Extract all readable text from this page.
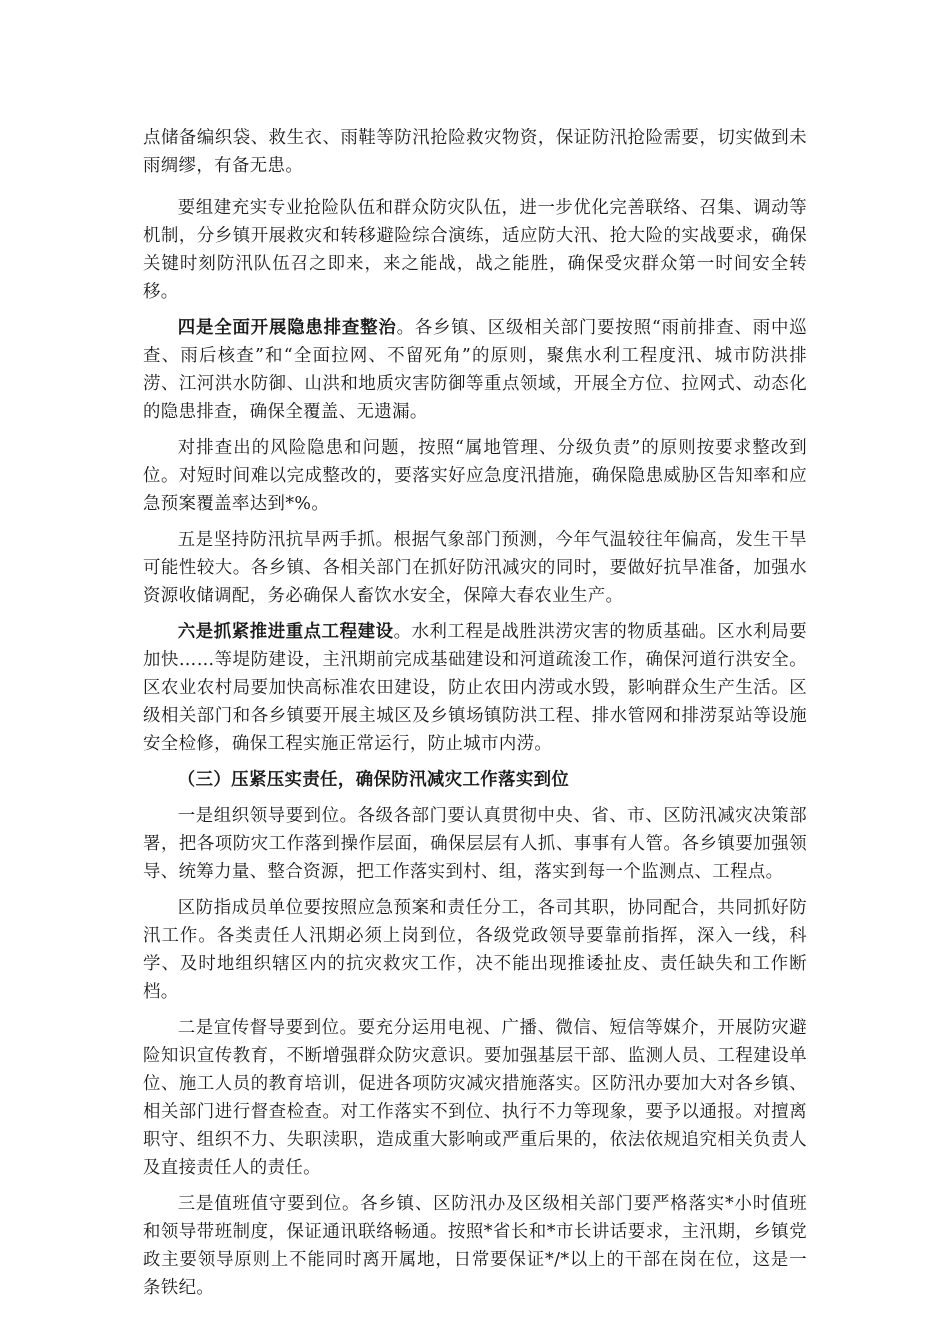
点储备编织袋、救生衣、雨鞋等防汛抢险救灾物资，保证防汛抢险需要，切实做到未雨绸缪，有备无患。

要组建充实专业抢险队伍和群众防灾队伍，进一步优化完善联络、召集、调动等机制，分乡镇开展救灾和转移避险综合演练，适应防大汛、抢大险的实战要求，确保关键时刻防汛队伍召之即来，来之能战，战之能胜，确保受灾群众第一时间安全转移。

四是全面开展隐患排查整治。各乡镇、区级相关部门要按照“雨前排查、雨中巡查、雨后核查”和“全面拉网、不留死角”的原则，聚焦水利工程度汛、城市防洪排涝、江河洪水防御、山洪和地质灾害防御等重点领域，开展全方位、拉网式、动态化的隐患排查，确保全覆盖、无遗漏。

对排查出的风险隐患和问题，按照“属地管理、分级负责”的原则按要求整改到位。对短时间难以完成整改的，要落实好应急度汛措施，确保隐患威胁区告知率和应急预案覆盖率达到*%。

五是坚持防汛抗旱两手抓。根据气象部门预测，今年气温较往年偏高，发生干旱可能性较大。各乡镇、各相关部门在抓好防汛减灾的同时，要做好抗旱准备，加强水资源收储调配，务必确保人畜饮水安全，保障大春农业生产。

六是抓紧推进重点工程建设。水利工程是战胜洪涝灾害的物质基础。区水利局要加快……等堤防建设，主汛期前完成基础建设和河道疏浚工作，确保河道行洪安全。区农业农村局要加快高标准农田建设，防止农田内涝或水毁，影响群众生产生活。区级相关部门和各乡镇要开展主城区及乡镇场镇防洪工程、排水管网和排涝泵站等设施安全检修，确保工程实施正常运行，防止城市内涝。

（三）压紧压实责任，确保防汛减灾工作落实到位

一是组织领导要到位。各级各部门要认真贯彻中央、省、市、区防汛减灾决策部署，把各项防灾工作落到操作层面，确保层层有人抓、事事有人管。各乡镇要加强领导、统筹力量、整合资源，把工作落实到村、组，落实到每一个监测点、工程点。

区防指成员单位要按照应急预案和责任分工，各司其职，协同配合，共同抓好防汛工作。各类责任人汛期必须上岗到位，各级党政领导要靠前指挥，深入一线，科学、及时地组织辖区内的抗灾救灾工作，决不能出现推诿扯皮、责任缺失和工作断档。

二是宣传督导要到位。要充分运用电视、广播、微信、短信等媒介，开展防灾避险知识宣传教育，不断增强群众防灾意识。要加强基层干部、监测人员、工程建设单位、施工人员的教育培训，促进各项防灾减灾措施落实。区防汛办要加大对各乡镇、相关部门进行督查检查。对工作落实不到位、执行不力等现象，要予以通报。对擅离职守、组织不力、失职渎职，造成重大影响或严重后果的，依法依规追究相关负责人及直接责任人的责任。

三是值班值守要到位。各乡镇、区防汛办及区级相关部门要严格落实*小时值班和领导带班制度，保证通讯联络畅通。按照*省长和*市长讲话要求，主汛期，乡镇党政主要领导原则上不能同时离开属地，日常要保证*/*以上的干部在岗在位，这是一条铁纪。
